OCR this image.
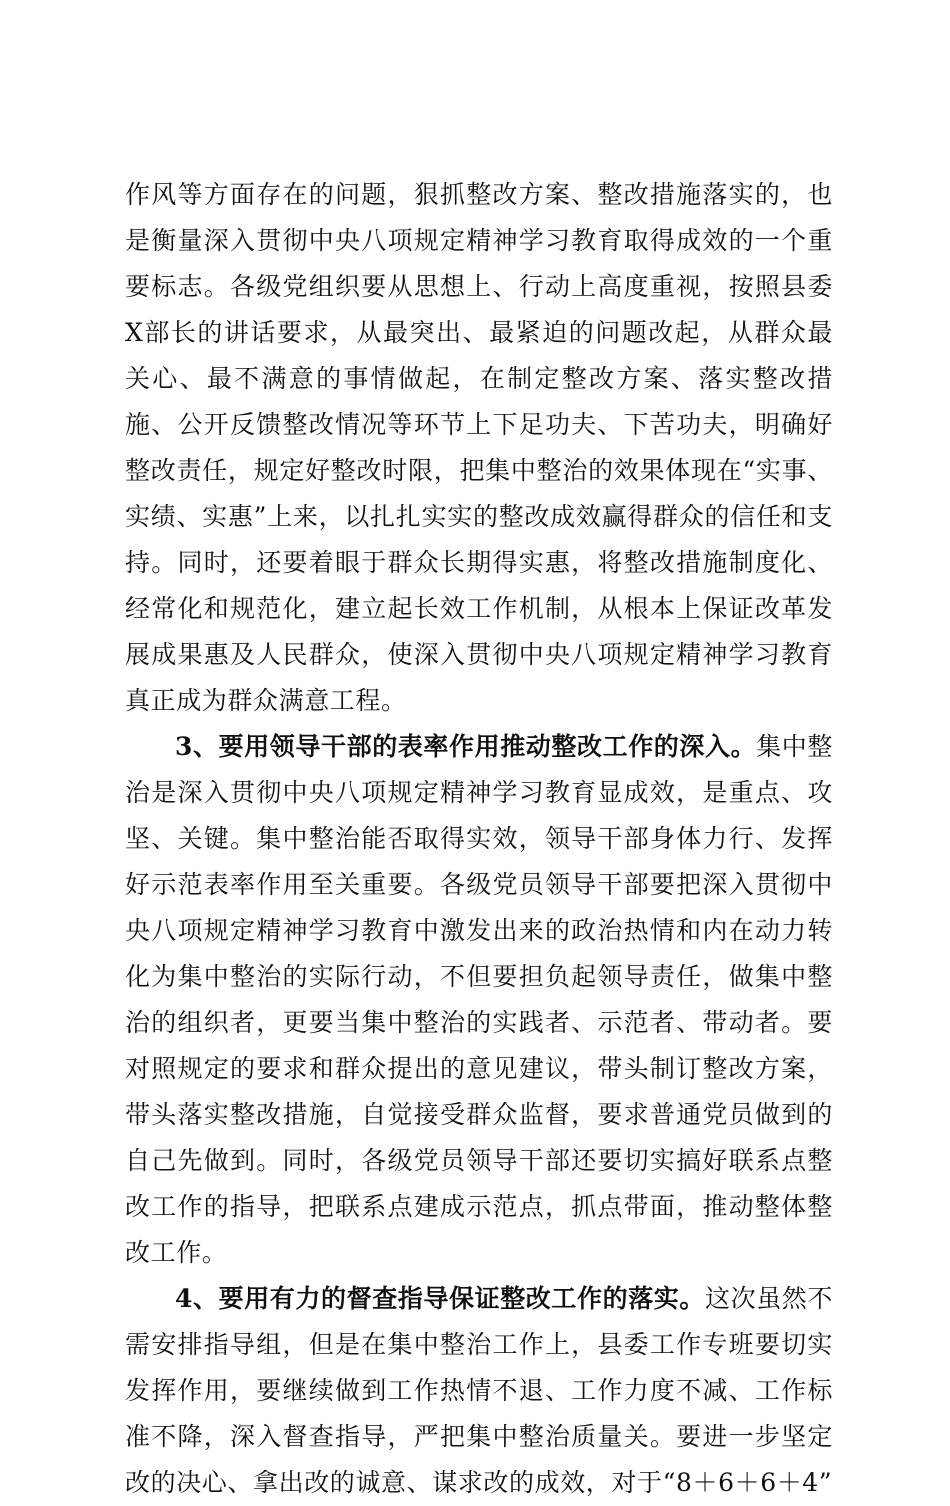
作风等方面存在的问题，狠抓整改方案、整改措施落实的，也是衡量深入贯彻中央八项规定精神学习教育取得成效的一个重要标志。各级党组织要从思想上、行动上高度重视，按照县委X部长的讲话要求，从最突出、最紧迫的问题改起，从群众最关心、最不满意的事情做起，在制定整改方案、落实整改措施、公开反馈整改情况等环节上下足功夫、下苦功夫，明确好整改责任，规定好整改时限，把集中整治的效果体现在“实事、实绩、实惠”上来，以扎扎实实的整改成效赢得群众的信任和支持。同时，还要着眼于群众长期得实惠，将整改措施制度化、经常化和规范化，建立起长效工作机制，从根本上保证改革发展成果惠及人民群众，使深入贯彻中央八项规定精神学习教育真正成为群众满意工程。

3、要用领导干部的表率作用推动整改工作的深入。集中整治是深入贯彻中央八项规定精神学习教育显成效，是重点、攻坚、关键。集中整治能否取得实效，领导干部身体力行、发挥好示范表率作用至关重要。各级党员领导干部要把深入贯彻中央八项规定精神学习教育中激发出来的政治热情和内在动力转化为集中整治的实际行动，不但要担负起领导责任，做集中整治的组织者，更要当集中整治的实践者、示范者、带动者。要对照规定的要求和群众提出的意见建议，带头制订整改方案，带头落实整改措施，自觉接受群众监督，要求普通党员做到的自己先做到。同时，各级党员领导干部还要切实搞好联系点整改工作的指导，把联系点建成示范点，抓点带面，推动整体整改工作。

4、要用有力的督查指导保证整改工作的落实。这次虽然不需安排指导组，但是在集中整治工作上，县委工作专班要切实发挥作用，要继续做到工作热情不退、工作力度不减、工作标准不降，深入督查指导，严把集中整治质量关。要进一步坚定改的决心、拿出改的诚意、谋求改的成效，对于“8＋6＋6＋4”
